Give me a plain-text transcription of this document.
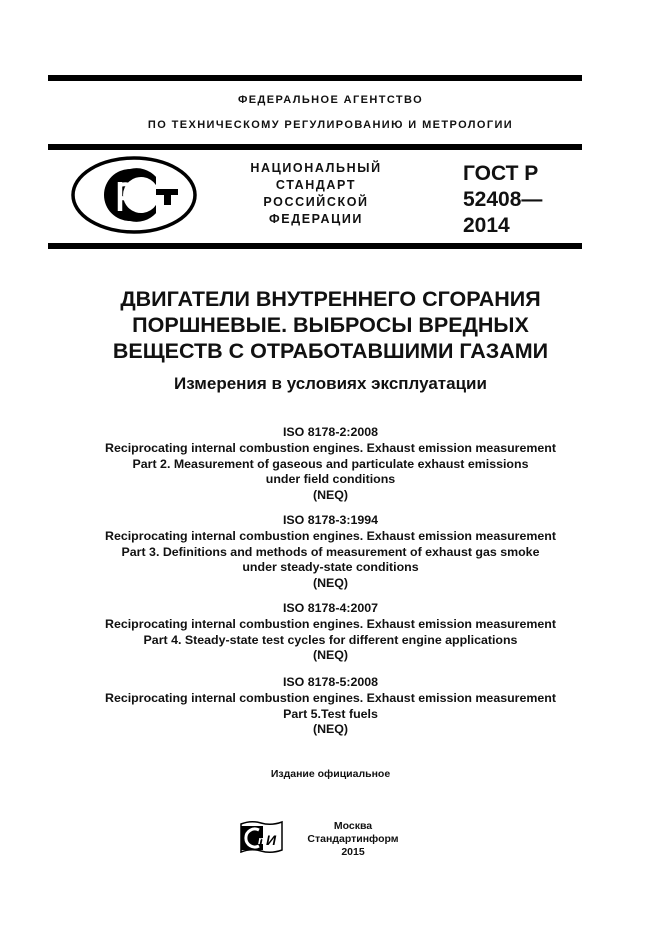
ФЕДЕРАЛЬНОЕ АГЕНТСТВО
ПО ТЕХНИЧЕСКОМУ РЕГУЛИРОВАНИЮ И МЕТРОЛОГИИ
НАЦИОНАЛЬНЫЙ
СТАНДАРТ
РОССИЙСКОЙ
ФЕДЕРАЦИИ
ГОСТ Р
52408—
2014
ДВИГАТЕЛИ ВНУТРЕННЕГО СГОРАНИЯ
ПОРШНЕВЫЕ. ВЫБРОСЫ ВРЕДНЫХ
ВЕЩЕСТВ С ОТРАБОТАВШИМИ ГАЗАМИ
Измерения в условиях эксплуатации
ISO 8178-2:2008
Reciprocating internal combustion engines. Exhaust emission measurement
Part 2. Measurement of gaseous and particulate exhaust emissions
under field conditions
(NEQ)
ISO 8178-3:1994
Reciprocating internal combustion engines. Exhaust emission measurement
Part 3. Definitions and methods of measurement of exhaust gas smoke
under steady-state conditions
(NEQ)
ISO 8178-4:2007
Reciprocating internal combustion engines. Exhaust emission measurement
Part 4. Steady-state test cycles for different engine applications
(NEQ)
ISO 8178-5:2008
Reciprocating internal combustion engines. Exhaust emission measurement
Part 5.Test fuels
(NEQ)
Издание официальное
т
И
Москва
Стандартинформ
2015
